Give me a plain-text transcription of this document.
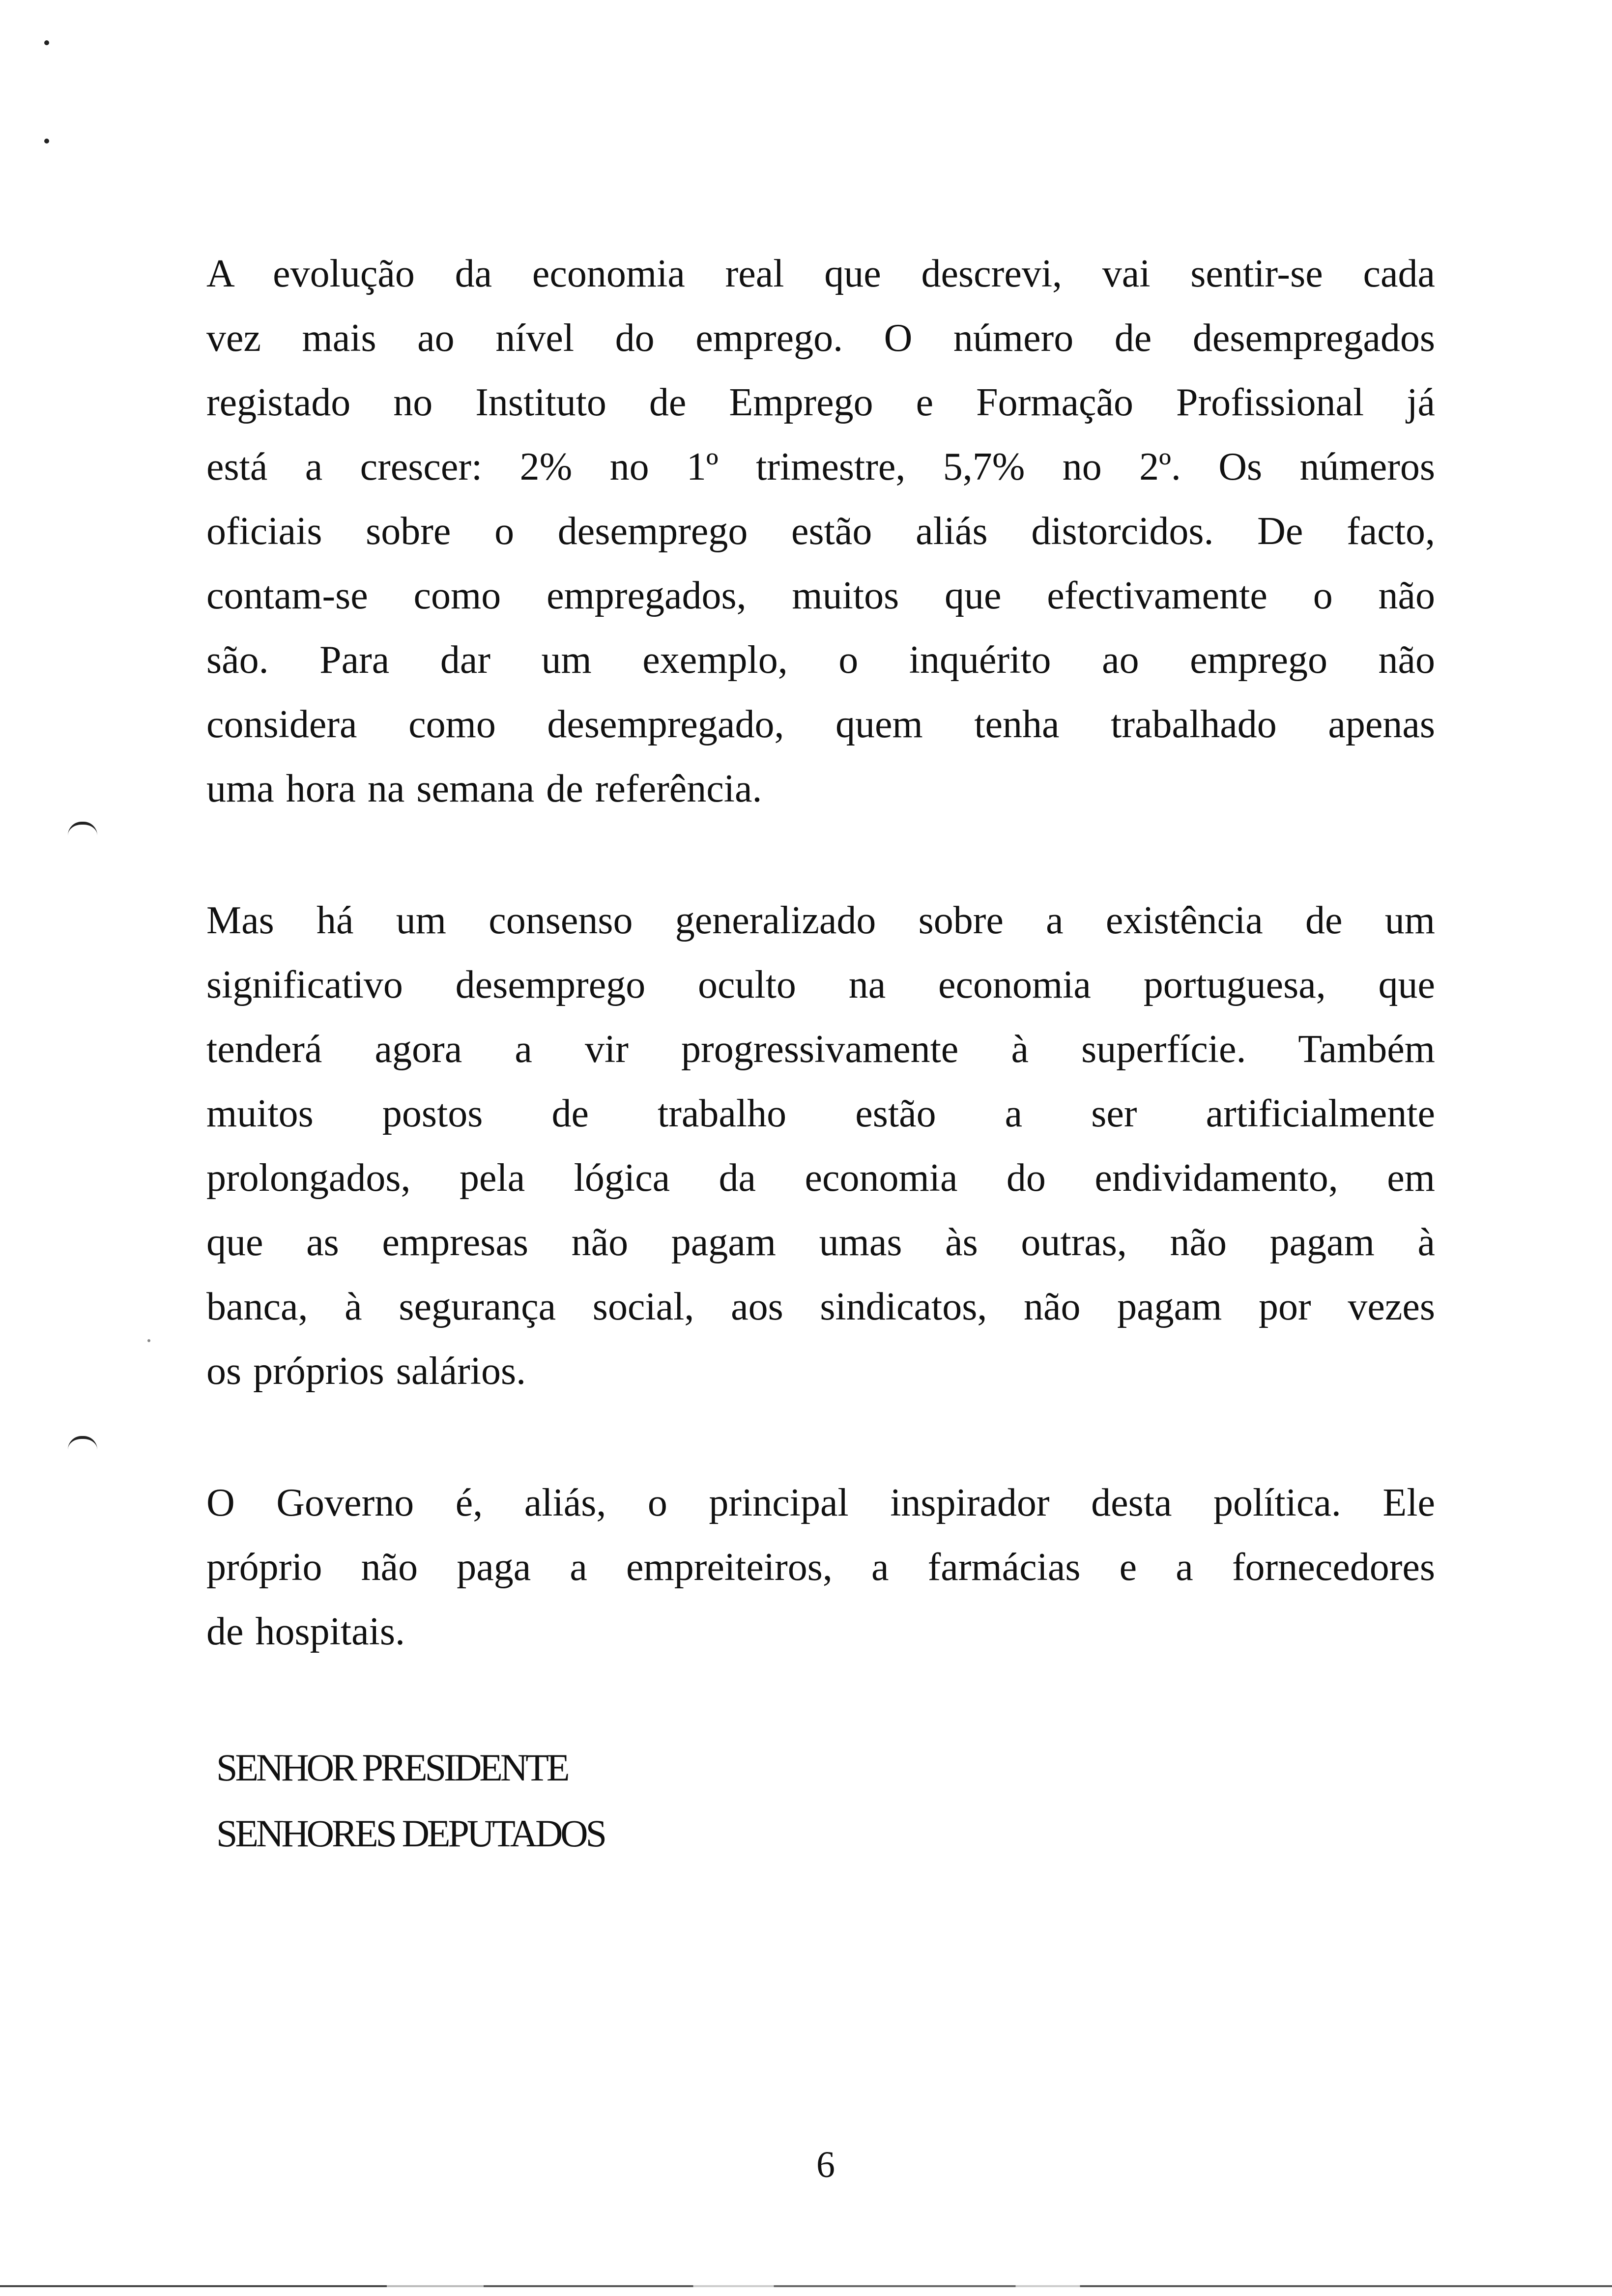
A evolução da economia real que descrevi, vai sentir-se cada
vez mais ao nível do emprego. O número de desempregados
registado no Instituto de Emprego e Formação Profissional já
está a crescer: 2% no 1º trimestre, 5,7% no 2º. Os números
oficiais sobre o desemprego estão aliás distorcidos. De facto,
contam-se como empregados, muitos que efectivamente o não
são. Para dar um exemplo, o inquérito ao emprego não
considera como desempregado, quem tenha trabalhado apenas
uma hora na semana de referência.

Mas há um consenso generalizado sobre a existência de um
significativo desemprego oculto na economia portuguesa, que
tenderá agora a vir progressivamente à superfície. Também
muitos postos de trabalho estão a ser artificialmente
prolongados, pela lógica da economia do endividamento, em
que as empresas não pagam umas às outras, não pagam à
banca, à segurança social, aos sindicatos, não pagam por vezes
os próprios salários.

O Governo é, aliás, o principal inspirador desta política. Ele
próprio não paga a empreiteiros, a farmácias e a fornecedores
de hospitais.

SENHOR PRESIDENTE
SENHORES DEPUTADOS
6
